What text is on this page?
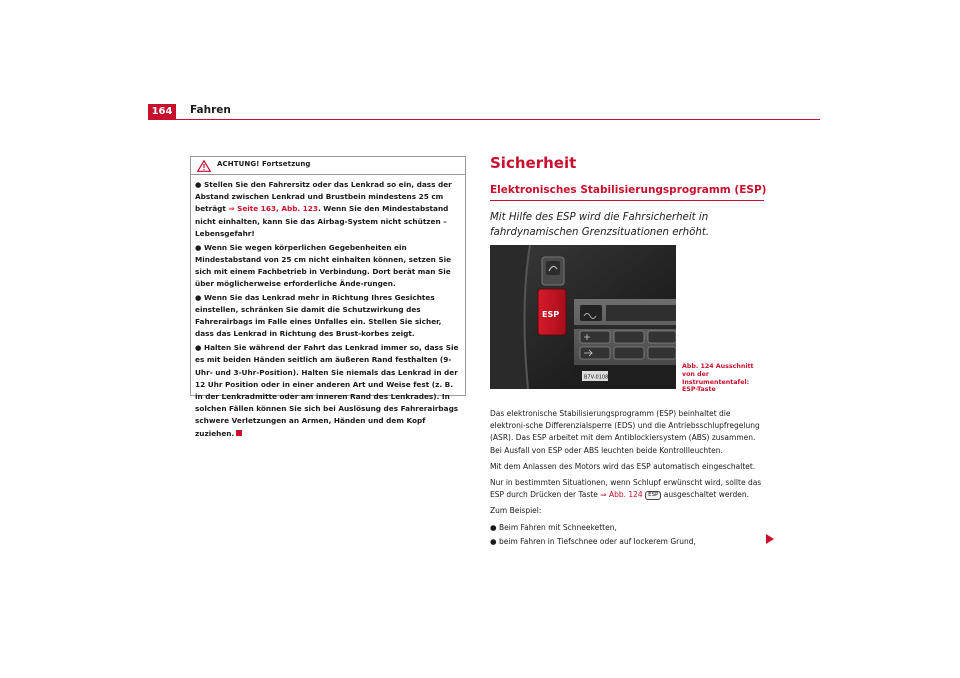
164	Fahren
ACHTUNG! Fortsetzung
● Stellen Sie den Fahrersitz oder das Lenkrad so ein, dass der Abstand zwischen Lenkrad und Brustbein mindestens 25 cm beträgt ⇒ Seite 163, Abb. 123. Wenn Sie den Mindestabstand nicht einhalten, kann Sie das Airbag-System nicht schützen – Lebensgefahr!
● Wenn Sie wegen körperlichen Gegebenheiten ein Mindestabstand von 25 cm nicht einhalten können, setzen Sie sich mit einem Fachbetrieb in Verbindung. Dort berät man Sie über möglicherweise erforderliche Ände-rungen.
● Wenn Sie das Lenkrad mehr in Richtung Ihres Gesichtes einstellen, schränken Sie damit die Schutzwirkung des Fahrerairbags im Falle eines Unfalles ein. Stellen Sie sicher, dass das Lenkrad in Richtung des Brust-korbes zeigt.
● Halten Sie während der Fahrt das Lenkrad immer so, dass Sie es mit beiden Händen seitlich am äußeren Rand festhalten (9-Uhr- und 3-Uhr-Position). Halten Sie niemals das Lenkrad in der 12 Uhr Position oder in einer anderen Art und Weise fest (z. B. in der Lenkradmitte oder am inneren Rand des Lenkrades). In solchen Fällen können Sie sich bei Auslösung des Fahrerairbags schwere Verletzungen an Armen, Händen und dem Kopf zuziehen.
Sicherheit
Elektronisches Stabilisierungsprogramm (ESP)
Mit Hilfe des ESP wird die Fahrsicherheit in fahrdynamischen Grenzsituationen erhöht.
B7V-0108
ESP
Abb. 124 Ausschnitt von der Instrumententafel: ESP-Taste

Das elektronische Stabilisierungsprogramm (ESP) beinhaltet die elektroni-sche Differenzialsperre (EDS) und die Antriebsschlupfregelung (ASR). Das ESP arbeitet mit dem Antiblockiersystem (ABS) zusammen. Bei Ausfall von ESP oder ABS leuchten beide Kontrollleuchten.

Mit dem Anlassen des Motors wird das ESP automatisch eingeschaltet.

Nur in bestimmten Situationen, wenn Schlupf erwünscht wird, sollte das ESP durch Drücken der Taste ⇒ Abb. 124 ESP ausgeschaltet werden.

Zum Beispiel:

● Beim Fahren mit Schneeketten,
● beim Fahren in Tiefschnee oder auf lockerem Grund,
